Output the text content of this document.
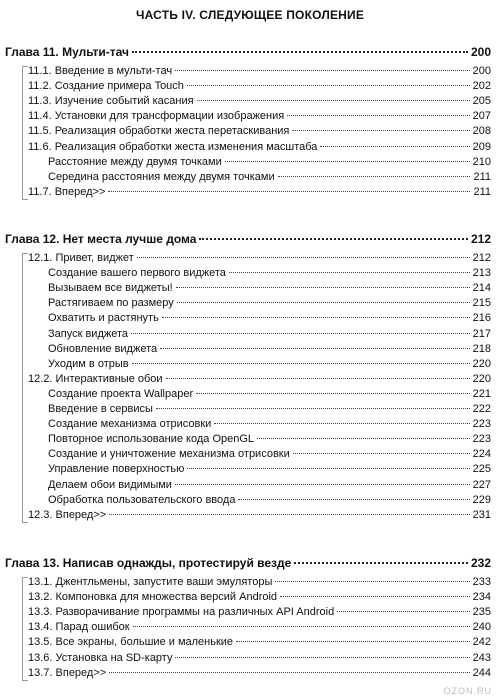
ЧАСТЬ IV. СЛЕДУЮЩЕЕ ПОКОЛЕНИЕ
Глава 11. Мульти-тач	200
11.1. Введение в мульти-тач	200
11.2. Создание примера Touch	202
11.3. Изучение событий касания	205
11.4. Установки для трансформации изображения	207
11.5. Реализация обработки жеста перетаскивания	208
11.6. Реализация обработки жеста изменения масштаба	209
Расстояние между двумя точками	210
Середина расстояния между двумя точками	211
11.7. Вперед>>	211
Глава 12. Нет места лучше дома	212
12.1. Привет, виджет	212
Создание вашего первого виджета	213
Вызываем все виджеты!	214
Растягиваем по размеру	215
Охватить и растянуть	216
Запуск виджета	217
Обновление виджета	218
Уходим в отрыв	220
12.2. Интерактивные обои	220
Создание проекта Wallpaper	221
Введение в сервисы	222
Создание механизма отрисовки	223
Повторное использование кода OpenGL	223
Создание и уничтожение механизма отрисовки	224
Управление поверхностью	225
Делаем обои видимыми	227
Обработка пользовательского ввода	229
12.3. Вперед>>	231
Глава 13. Написав однажды, протестируй везде	232
13.1. Джентльмены, запустите ваши эмуляторы	233
13.2. Компоновка для множества версий Android	234
13.3. Разворачивание программы на различных API Android	235
13.4. Парад ошибок	240
13.5. Все экраны, большие и маленькие	242
13.6. Установка на SD-карту	243
13.7. Вперед>>	244
OZON.RU
